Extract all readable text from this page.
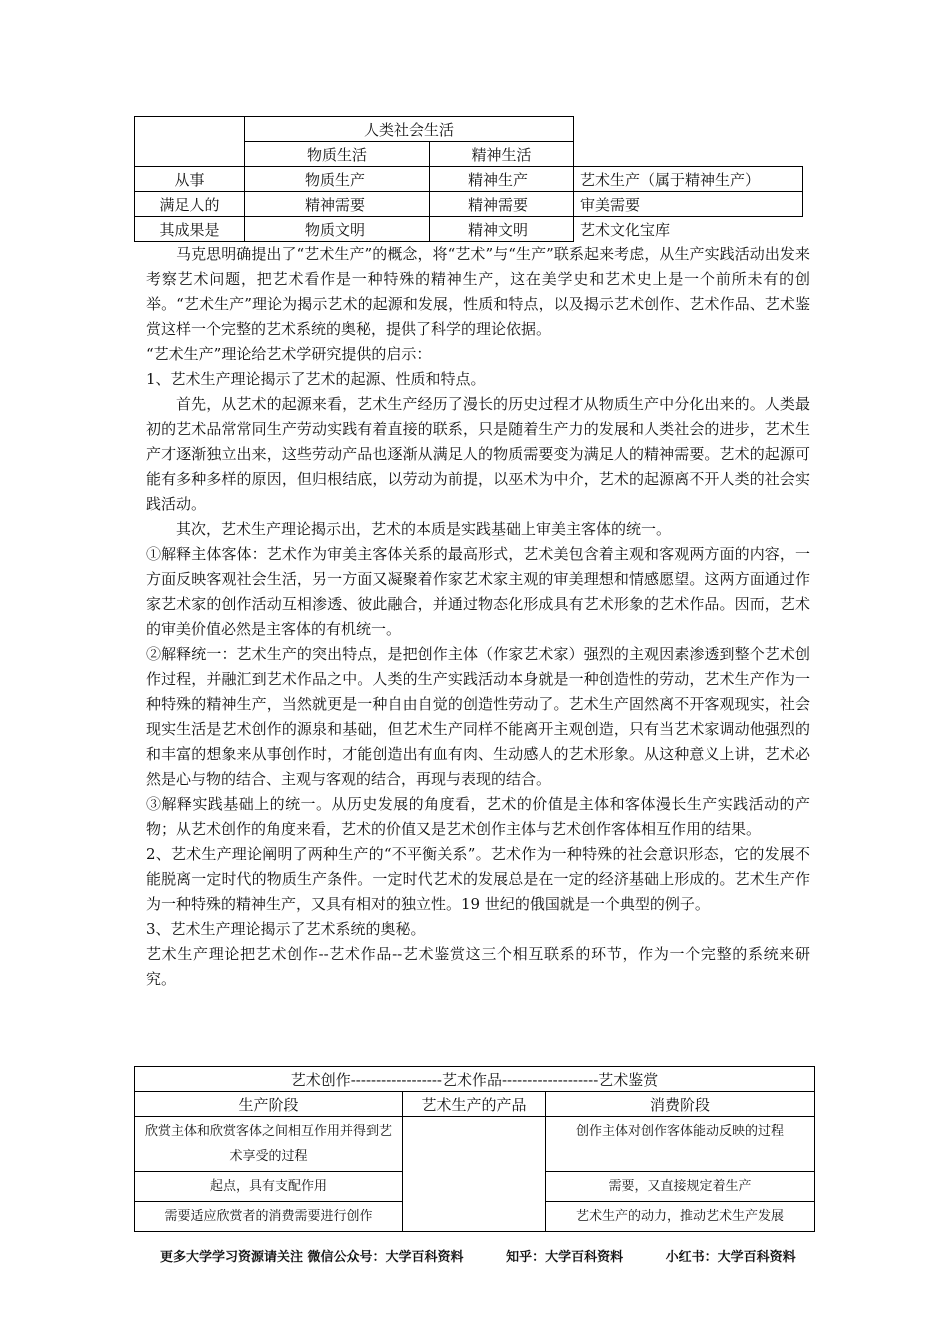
	人类社会生活		
	物质生活	精神生活	
从事	物质生产	精神生产	艺术生产（属于精神生产）
满足人的	精神需要	精神需要	审美需要
其成果是	物质文明	精神文明	艺术文化宝库

马克思明确提出了“艺术生产”的概念，将“艺术”与“生产”联系起来考虑，从生产实践活动出发来考察艺术问题，把艺术看作是一种特殊的精神生产，这在美学史和艺术史上是一个前所未有的创举。“艺术生产”理论为揭示艺术的起源和发展，性质和特点，以及揭示艺术创作、艺术作品、艺术鉴赏这样一个完整的艺术系统的奥秘，提供了科学的理论依据。

“艺术生产”理论给艺术学研究提供的启示：

1、艺术生产理论揭示了艺术的起源、性质和特点。

首先，从艺术的起源来看，艺术生产经历了漫长的历史过程才从物质生产中分化出来的。人类最初的艺术品常常同生产劳动实践有着直接的联系，只是随着生产力的发展和人类社会的进步，艺术生产才逐渐独立出来，这些劳动产品也逐渐从满足人的物质需要变为满足人的精神需要。艺术的起源可能有多种多样的原因，但归根结底，以劳动为前提，以巫术为中介，艺术的起源离不开人类的社会实践活动。

其次，艺术生产理论揭示出，艺术的本质是实践基础上审美主客体的统一。

①解释主体客体：艺术作为审美主客体关系的最高形式，艺术美包含着主观和客观两方面的内容，一方面反映客观社会生活，另一方面又凝聚着作家艺术家主观的审美理想和情感愿望。这两方面通过作家艺术家的创作活动互相渗透、彼此融合，并通过物态化形成具有艺术形象的艺术作品。因而，艺术的审美价值必然是主客体的有机统一。

②解释统一：艺术生产的突出特点，是把创作主体（作家艺术家）强烈的主观因素渗透到整个艺术创作过程，并融汇到艺术作品之中。人类的生产实践活动本身就是一种创造性的劳动，艺术生产作为一种特殊的精神生产，当然就更是一种自由自觉的创造性劳动了。艺术生产固然离不开客观现实，社会现实生活是艺术创作的源泉和基础，但艺术生产同样不能离开主观创造，只有当艺术家调动他强烈的和丰富的想象来从事创作时，才能创造出有血有肉、生动感人的艺术形象。从这种意义上讲，艺术必然是心与物的结合、主观与客观的结合，再现与表现的结合。

③解释实践基础上的统一。从历史发展的角度看，艺术的价值是主体和客体漫长生产实践活动的产物；从艺术创作的角度来看，艺术的价值又是艺术创作主体与艺术创作客体相互作用的结果。

2、艺术生产理论阐明了两种生产的“不平衡关系”。艺术作为一种特殊的社会意识形态，它的发展不能脱离一定时代的物质生产条件。一定时代艺术的发展总是在一定的经济基础上形成的。艺术生产作为一种特殊的精神生产，又具有相对的独立性。19 世纪的俄国就是一个典型的例子。

3、艺术生产理论揭示了艺术系统的奥秘。

艺术生产理论把艺术创作--艺术作品--艺术鉴赏这三个相互联系的环节，作为一个完整的系统来研究。

艺术创作------------------艺术作品-------------------艺术鉴赏		
生产阶段	艺术生产的产品	消费阶段
欣赏主体和欣赏客体之间相互作用并得到艺术享受的过程		创作主体对创作客体能动反映的过程
起点，具有支配作用		需要，又直接规定着生产
需要适应欣赏者的消费需要进行创作		艺术生产的动力，推动艺术生产发展
更多大学学习资源请关注 微信公众号：大学百科资料	知乎：大学百科资料	小红书：大学百科资料
